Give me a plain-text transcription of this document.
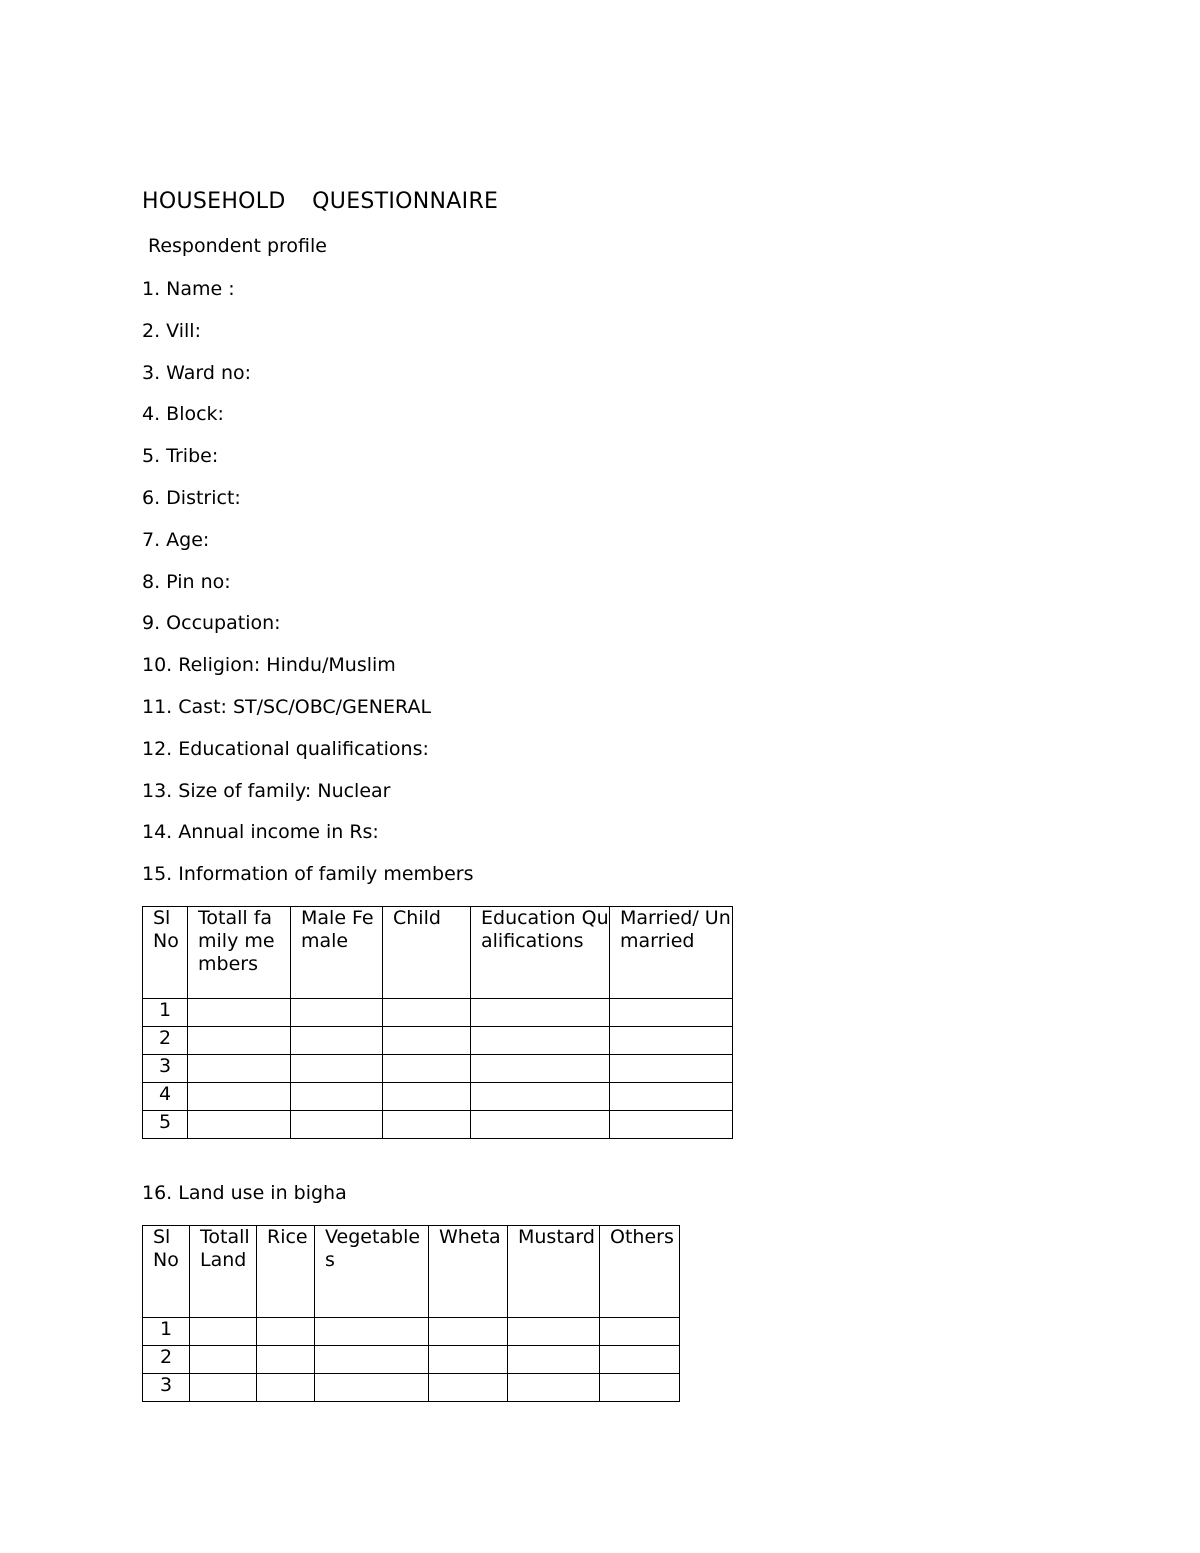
HOUSEHOLD  QUESTIONNAIRE
Respondent profile
1. Name :
2. Vill:
3. Ward no:
4. Block:
5. Tribe:
6. District:
7. Age:
8. Pin no:
9. Occupation:
10. Religion: Hindu/Muslim
11. Cast: ST/SC/OBC/GENERAL
12. Educational qualifications:
13. Size of family: Nuclear
14. Annual income in Rs:
15. Information of family members
Sl No	Totall family members	Male Female	Child	Education Qualifications	Married/ Unmarried
1					
2					
3					
4					
5					
16. Land use in bigha
Sl No	Totall Land	Rice	Vegetables	Wheta	Mustard	Others
1						
2						
3						
